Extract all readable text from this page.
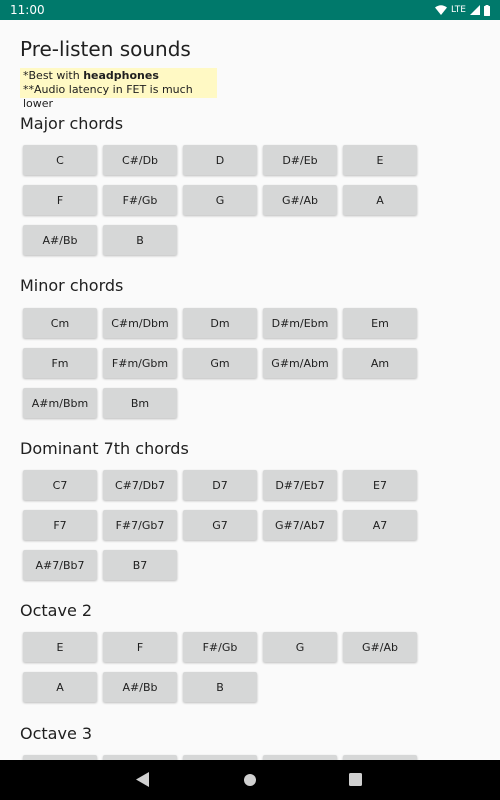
11:00	LTE
Pre-listen sounds
*Best with headphones
**Audio latency in FET is much lower
Major chords
C	C#/Db	D	D#/Eb	E
F	F#/Gb	G	G#/Ab	A
A#/Bb	B
Minor chords
Cm	C#m/Dbm	Dm	D#m/Ebm	Em
Fm	F#m/Gbm	Gm	G#m/Abm	Am
A#m/Bbm	Bm
Dominant 7th chords
C7	C#7/Db7	D7	D#7/Eb7	E7
F7	F#7/Gb7	G7	G#7/Ab7	A7
A#7/Bb7	B7
Octave 2
E	F	F#/Gb	G	G#/Ab
A	A#/Bb	B
Octave 3
